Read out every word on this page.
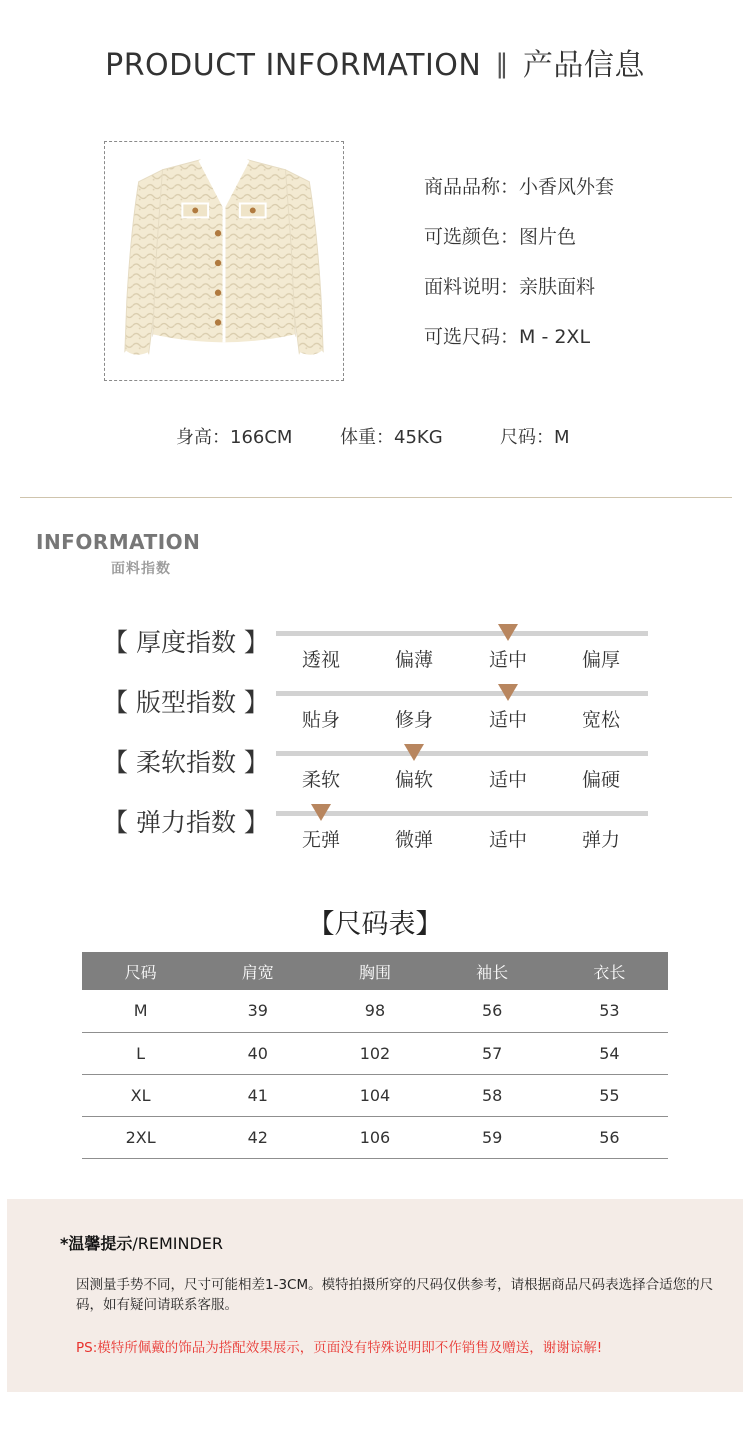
PRODUCT INFORMATION ‖ 产品信息
商品品称：小香风外套
可选颜色：图片色
面料说明：亲肤面料
可选尺码：M - 2XL
身高：166CM	体重：45KG	尺码：M
INFORMATION
面料指数
【 厚度指数 】
透视	偏薄	适中	偏厚
【 版型指数 】
贴身	修身	适中	宽松
【 柔软指数 】
柔软	偏软	适中	偏硬
【 弹力指数 】
无弹	微弹	适中	弹力
【尺码表】
尺码	肩宽	胸围	袖长	衣长
M	39	98	56	53
L	40	102	57	54
XL	41	104	58	55
2XL	42	106	59	56
*温馨提示/REMINDER
因测量手势不同，尺寸可能相差1-3CM。模特拍摄所穿的尺码仅供参考，请根据商品尺码表选择合适您的尺码，如有疑问请联系客服。
PS:模特所佩戴的饰品为搭配效果展示，页面没有特殊说明即不作销售及赠送，谢谢谅解!
